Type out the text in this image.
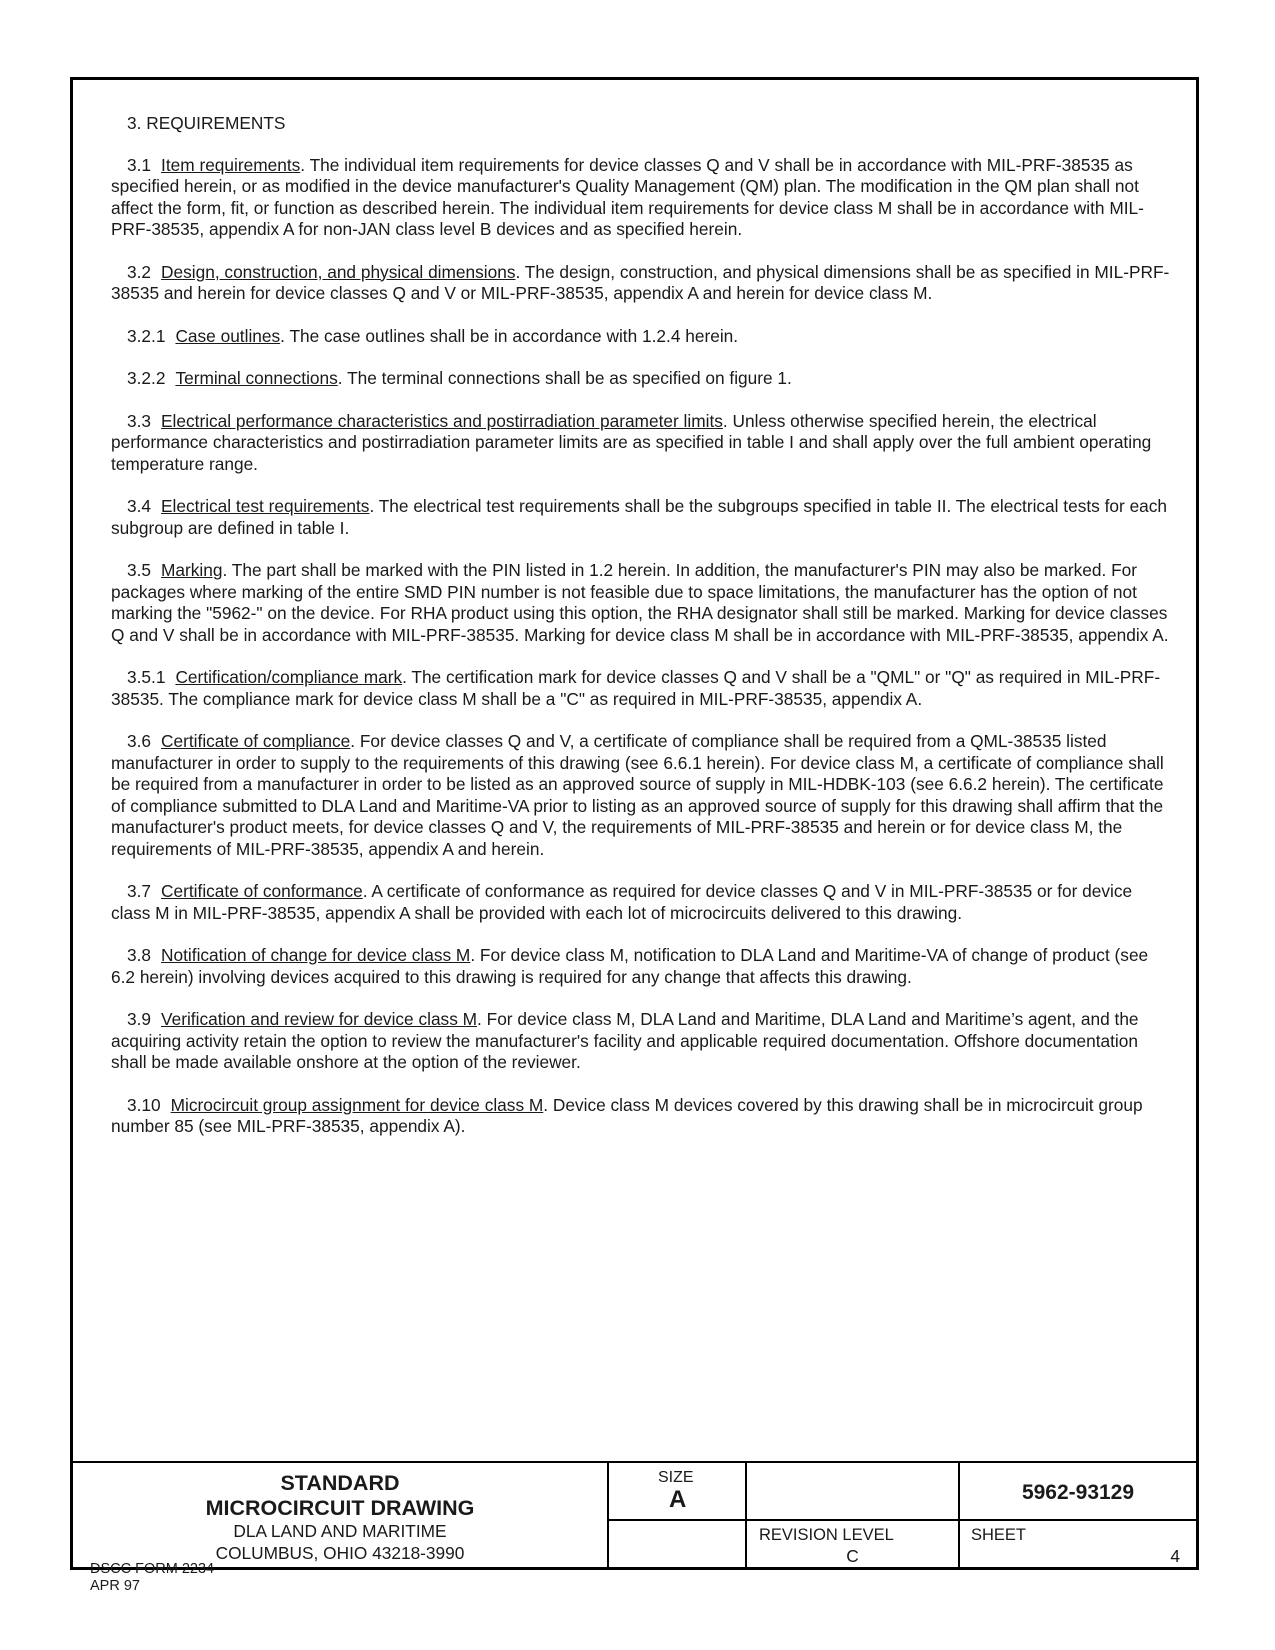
3. REQUIREMENTS

3.1 Item requirements. The individual item requirements for device classes Q and V shall be in accordance with MIL-PRF-38535 as specified herein, or as modified in the device manufacturer's Quality Management (QM) plan. The modification in the QM plan shall not affect the form, fit, or function as described herein. The individual item requirements for device class M shall be in accordance with MIL-PRF-38535, appendix A for non-JAN class level B devices and as specified herein.

3.2 Design, construction, and physical dimensions. The design, construction, and physical dimensions shall be as specified in MIL-PRF-38535 and herein for device classes Q and V or MIL-PRF-38535, appendix A and herein for device class M.

3.2.1 Case outlines. The case outlines shall be in accordance with 1.2.4 herein.

3.2.2 Terminal connections. The terminal connections shall be as specified on figure 1.

3.3 Electrical performance characteristics and postirradiation parameter limits. Unless otherwise specified herein, the electrical performance characteristics and postirradiation parameter limits are as specified in table I and shall apply over the full ambient operating temperature range.

3.4 Electrical test requirements. The electrical test requirements shall be the subgroups specified in table II. The electrical tests for each subgroup are defined in table I.

3.5 Marking. The part shall be marked with the PIN listed in 1.2 herein. In addition, the manufacturer's PIN may also be marked. For packages where marking of the entire SMD PIN number is not feasible due to space limitations, the manufacturer has the option of not marking the "5962-" on the device. For RHA product using this option, the RHA designator shall still be marked. Marking for device classes Q and V shall be in accordance with MIL-PRF-38535. Marking for device class M shall be in accordance with MIL-PRF-38535, appendix A.

3.5.1 Certification/compliance mark. The certification mark for device classes Q and V shall be a "QML" or "Q" as required in MIL-PRF-38535. The compliance mark for device class M shall be a "C" as required in MIL-PRF-38535, appendix A.

3.6 Certificate of compliance. For device classes Q and V, a certificate of compliance shall be required from a QML-38535 listed manufacturer in order to supply to the requirements of this drawing (see 6.6.1 herein). For device class M, a certificate of compliance shall be required from a manufacturer in order to be listed as an approved source of supply in MIL-HDBK-103 (see 6.6.2 herein). The certificate of compliance submitted to DLA Land and Maritime-VA prior to listing as an approved source of supply for this drawing shall affirm that the manufacturer's product meets, for device classes Q and V, the requirements of MIL-PRF-38535 and herein or for device class M, the requirements of MIL-PRF-38535, appendix A and herein.

3.7 Certificate of conformance. A certificate of conformance as required for device classes Q and V in MIL-PRF-38535 or for device class M in MIL-PRF-38535, appendix A shall be provided with each lot of microcircuits delivered to this drawing.

3.8 Notification of change for device class M. For device class M, notification to DLA Land and Maritime-VA of change of product (see 6.2 herein) involving devices acquired to this drawing is required for any change that affects this drawing.

3.9 Verification and review for device class M. For device class M, DLA Land and Maritime, DLA Land and Maritime’s agent, and the acquiring activity retain the option to review the manufacturer's facility and applicable required documentation. Offshore documentation shall be made available onshore at the option of the reviewer.

3.10 Microcircuit group assignment for device class M. Device class M devices covered by this drawing shall be in microcircuit group number 85 (see MIL-PRF-38535, appendix A).

STANDARD
MICROCIRCUIT DRAWING
DLA LAND AND MARITIME
COLUMBUS, OHIO 43218-3990
SIZE
A	5962-93129
REVISION LEVEL
C
SHEET
4
DSCC FORM 2234
APR 97
